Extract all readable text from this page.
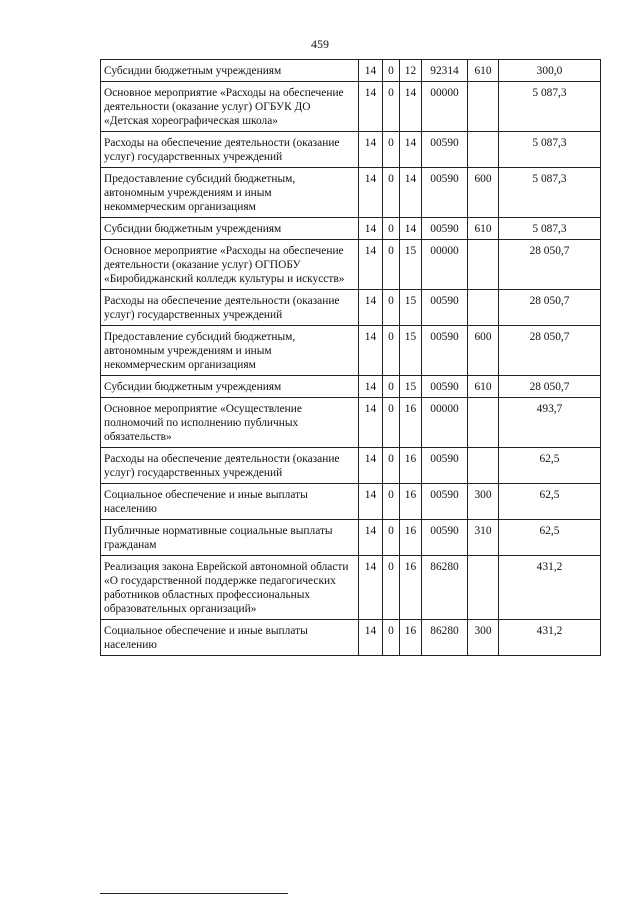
459
Субсидии бюджетным учреждениям	14	0	12	92314	610	300,0
Основное мероприятие «Расходы на обеспечение деятельности (оказание услуг) ОГБУК ДО «Детская хореографическая школа»	14	0	14	00000		5 087,3
Расходы на обеспечение деятельности (оказание услуг) государственных учреждений	14	0	14	00590		5 087,3
Предоставление субсидий бюджетным, автономным учреждениям и иным некоммерческим организациям	14	0	14	00590	600	5 087,3
Субсидии бюджетным учреждениям	14	0	14	00590	610	5 087,3
Основное мероприятие «Расходы на обеспечение деятельности (оказание услуг) ОГПОБУ «Биробиджанский колледж культуры и искусств»	14	0	15	00000		28 050,7
Расходы на обеспечение деятельности (оказание услуг) государственных учреждений	14	0	15	00590		28 050,7
Предоставление субсидий бюджетным, автономным учреждениям и иным некоммерческим организациям	14	0	15	00590	600	28 050,7
Субсидии бюджетным учреждениям	14	0	15	00590	610	28 050,7
Основное мероприятие «Осуществление полномочий по исполнению публичных обязательств»	14	0	16	00000		493,7
Расходы на обеспечение деятельности (оказание услуг) государственных учреждений	14	0	16	00590		62,5
Социальное обеспечение и иные выплаты населению	14	0	16	00590	300	62,5
Публичные нормативные социальные выплаты гражданам	14	0	16	00590	310	62,5
Реализация закона Еврейской автономной области «О государственной поддержке педагогических работников областных профессиональных образовательных организаций»	14	0	16	86280		431,2
Социальное обеспечение и иные выплаты населению	14	0	16	86280	300	431,2
